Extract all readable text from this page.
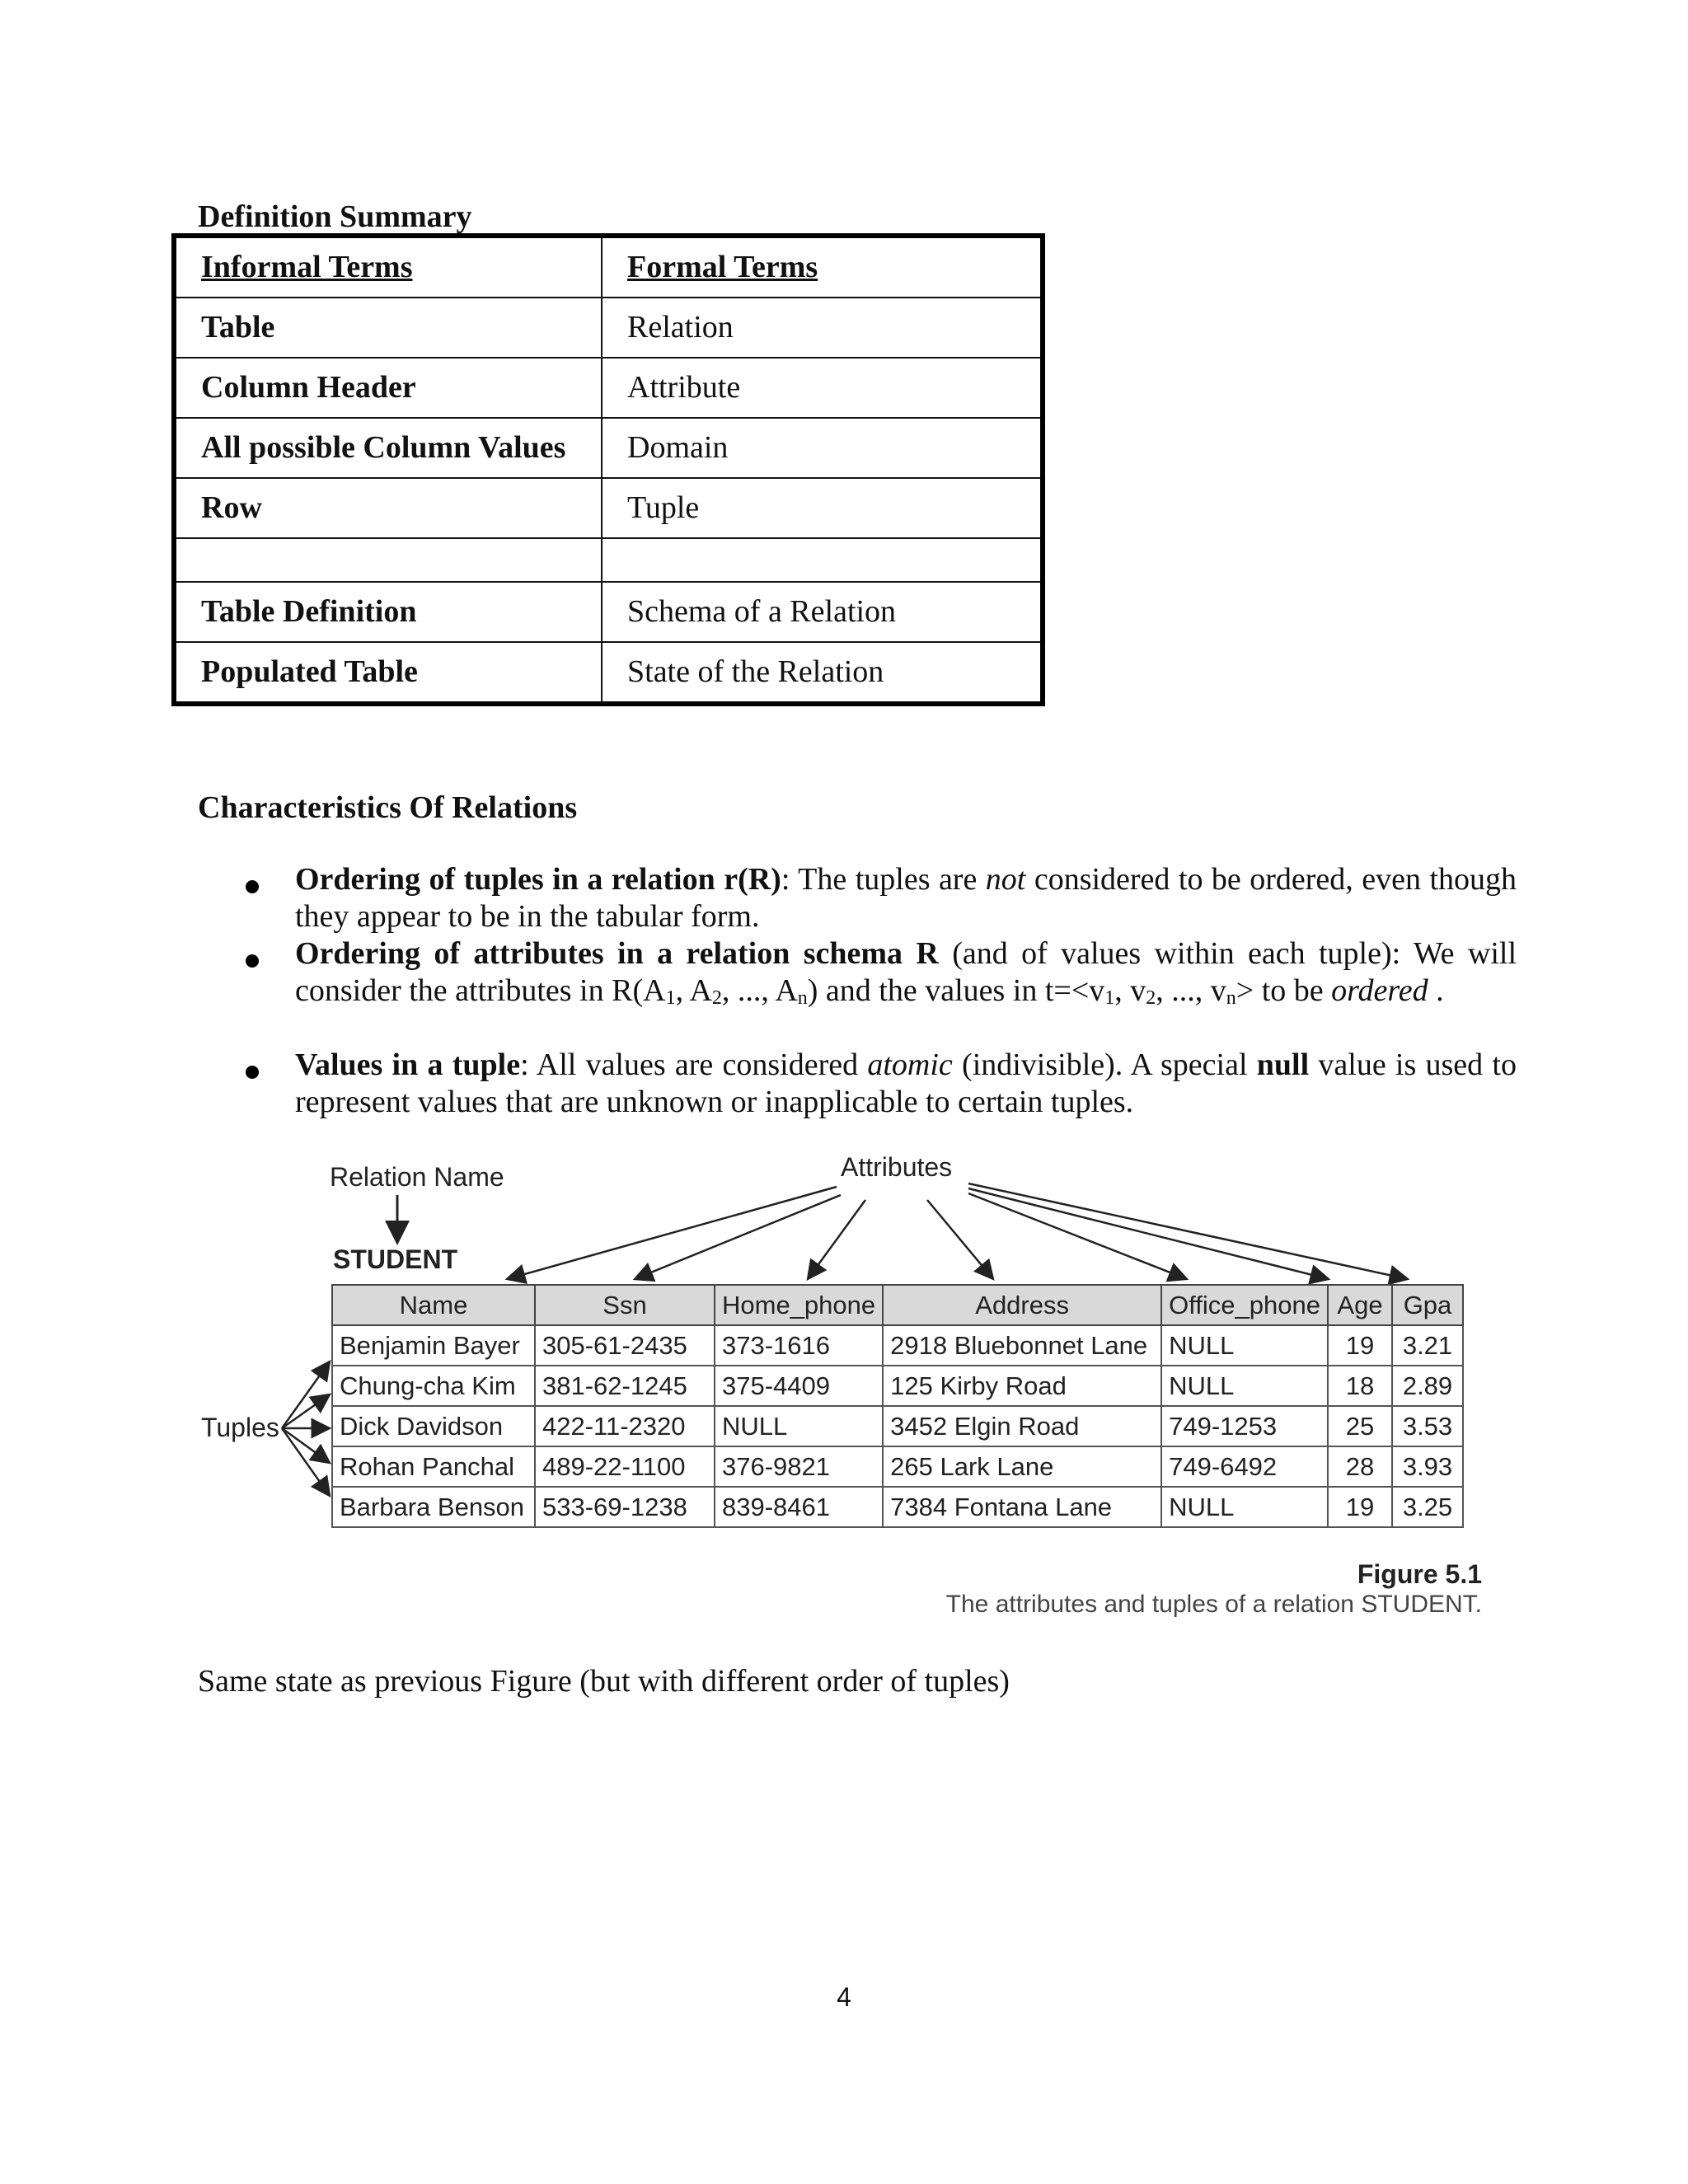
Definition Summary
Informal Terms	Formal Terms
Table	Relation
Column Header	Attribute
All possible Column Values	Domain
Row	Tuple

Table Definition	Schema of a Relation
Populated Table	State of the Relation
Characteristics Of Relations
Ordering of tuples in a relation r(R): The tuples are not considered to be ordered, even though they appear to be in the tabular form.
Ordering of attributes in a relation schema R (and of values within each tuple): We will consider the attributes in $R(A_1$, $A_2$, ..., $A_n$) and the values in $t=<v_1$, $v_2$, ..., $v_n>$ to be ordered .
Values in a tuple: All values are considered atomic (indivisible). A special null value is used to represent values that are unknown or inapplicable to certain tuples.
Relation Name	Attributes
Tuples
STUDENT
Name	Ssn	Home_phone	Address	Office_phone	Age	Gpa
Benjamin Bayer	305-61-2435	373-1616	2918 Bluebonnet Lane	NULL	19	3.21
Chung-cha Kim	381-62-1245	375-4409	125 Kirby Road	NULL	18	2.89
Dick Davidson	422-11-2320	NULL	3452 Elgin Road	749-1253	25	3.53
Rohan Panchal	489-22-1100	376-9821	265 Lark Lane	749-6492	28	3.93
Barbara Benson	533-69-1238	839-8461	7384 Fontana Lane	NULL	19	3.25
Figure 5.1
The attributes and tuples of a relation STUDENT.
Same state as previous Figure (but with different order of tuples)
4
